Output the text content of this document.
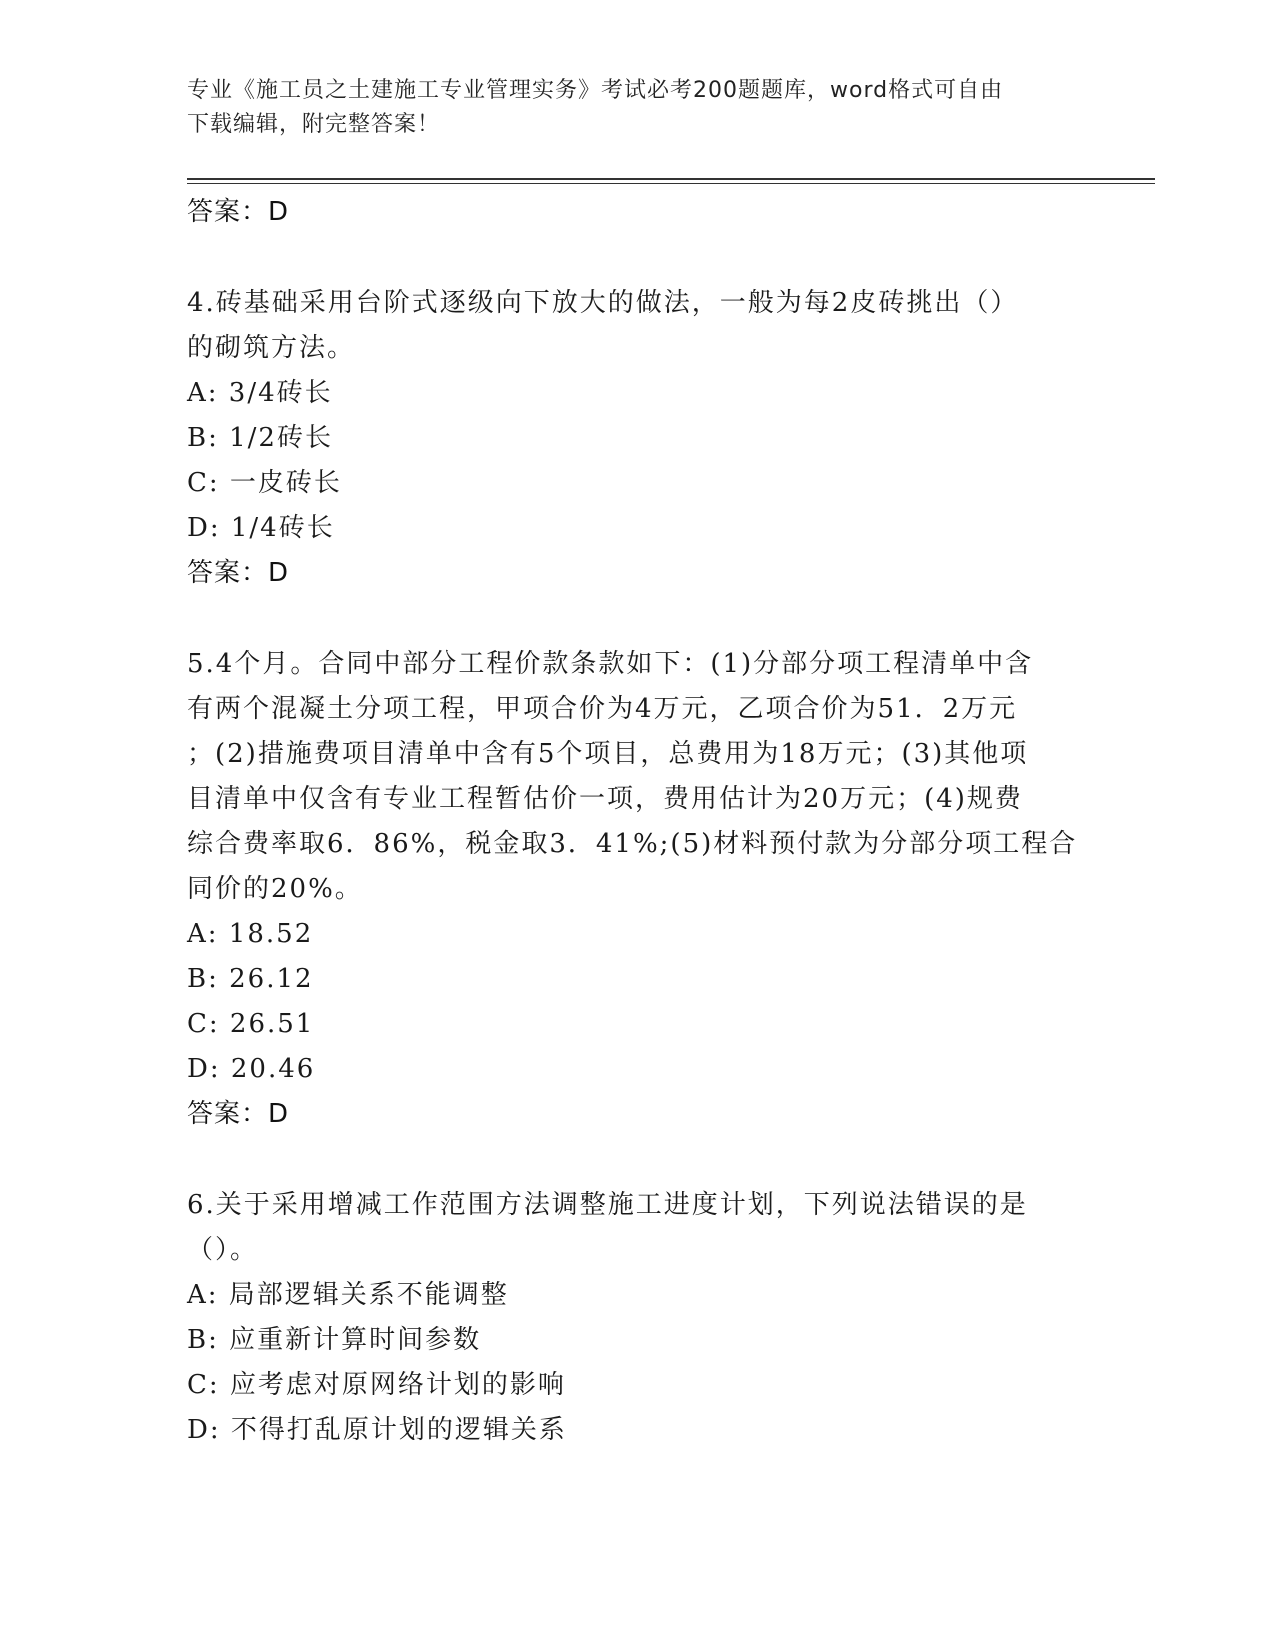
专业《施工员之土建施工专业管理实务》考试必考200题题库，word格式可自由
下载编辑，附完整答案！
答案：D
4.砖基础采用台阶式逐级向下放大的做法，一般为每2皮砖挑出（）
的砌筑方法。
A: 3/4砖长
B: 1/2砖长
C: 一皮砖长
D: 1/4砖长
答案：D
5.4个月。合同中部分工程价款条款如下：(1)分部分项工程清单中含
有两个混凝土分项工程，甲项合价为4万元，乙项合价为51．2万元
；(2)措施费项目清单中含有5个项目，总费用为18万元；(3)其他项
目清单中仅含有专业工程暂估价一项，费用估计为20万元；(4)规费
综合费率取6．86%，税金取3．41%;(5)材料预付款为分部分项工程合
同价的20%。
A: 18.52
B: 26.12
C: 26.51
D: 20.46
答案：D
6.关于采用增减工作范围方法调整施工进度计划，下列说法错误的是
（）。
A: 局部逻辑关系不能调整
B: 应重新计算时间参数
C: 应考虑对原网络计划的影响
D: 不得打乱原计划的逻辑关系
